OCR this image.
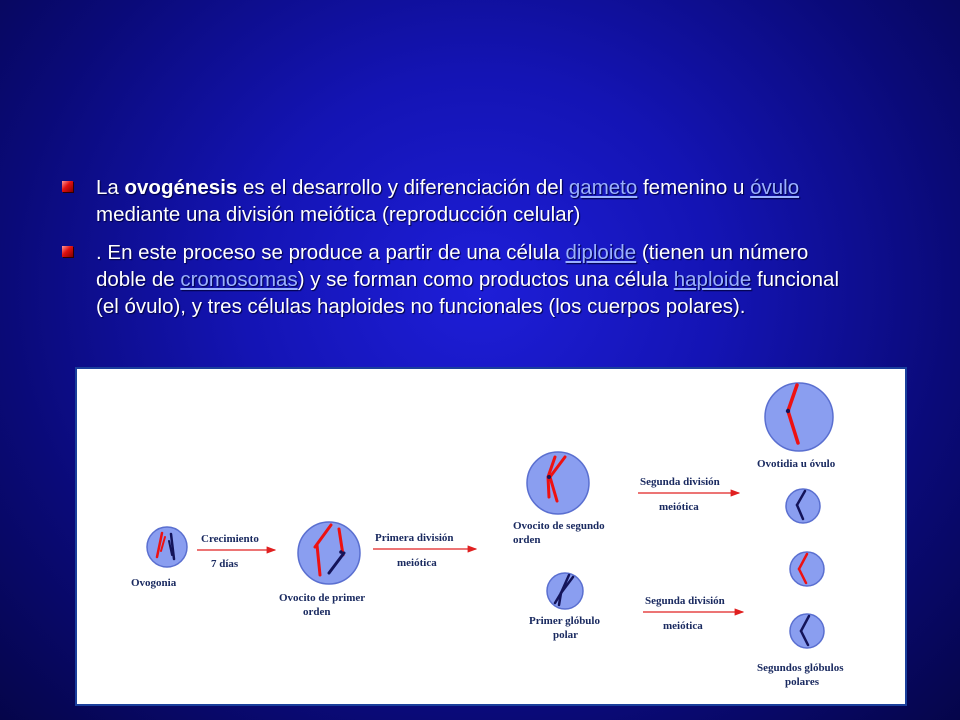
La ovogénesis es el desarrollo y diferenciación del gameto femenino u óvulo mediante una división meiótica (reproducción celular)
. En este proceso se produce a partir de una célula diploide (tienen un número doble de cromosomas) y se forman como productos una célula haploide funcional (el óvulo), y tres células haploides no funcionales (los cuerpos polares).
Ovogonia
Crecimiento
7 días
Ovocito de primer
orden
Primera división
meiótica
Ovocito de segundo
orden
Primer glóbulo
polar
Segunda división
meiótica
Segunda división
meiótica
Ovotidia u óvulo
Segundos glóbulos
polares
